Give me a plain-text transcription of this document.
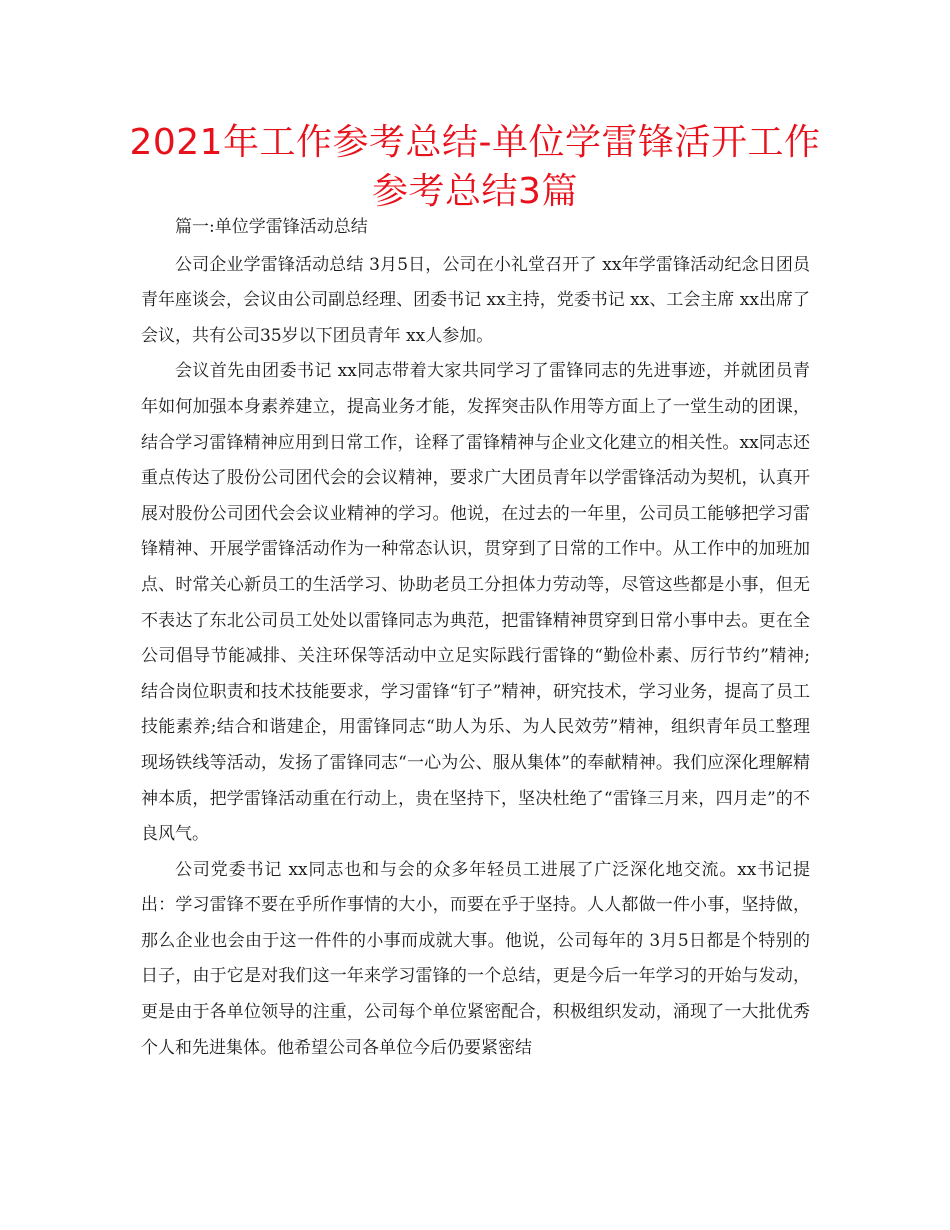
2021年工作参考总结-单位学雷锋活开工作参考总结3篇

篇一:单位学雷锋活动总结

公司企业学雷锋活动总结 3月5日，公司在小礼堂召开了 xx年学雷锋活动纪念日团员青年座谈会，会议由公司副总经理、团委书记 xx主持，党委书记 xx、工会主席 xx出席了会议，共有公司35岁以下团员青年 xx人参加。

会议首先由团委书记 xx同志带着大家共同学习了雷锋同志的先进事迹，并就团员青年如何加强本身素养建立，提高业务才能，发挥突击队作用等方面上了一堂生动的团课，结合学习雷锋精神应用到日常工作，诠释了雷锋精神与企业文化建立的相关性。xx同志还重点传达了股份公司团代会的会议精神，要求广大团员青年以学雷锋活动为契机，认真开展对股份公司团代会会议业精神的学习。他说，在过去的一年里，公司员工能够把学习雷锋精神、开展学雷锋活动作为一种常态认识，贯穿到了日常的工作中。从工作中的加班加点、时常关心新员工的生活学习、协助老员工分担体力劳动等，尽管这些都是小事，但无不表达了东北公司员工处处以雷锋同志为典范，把雷锋精神贯穿到日常小事中去。更在全公司倡导节能减排、关注环保等活动中立足实际践行雷锋的“勤俭朴素、厉行节约”精神;结合岗位职责和技术技能要求，学习雷锋“钉子”精神，研究技术，学习业务，提高了员工技能素养;结合和谐建企，用雷锋同志“助人为乐、为人民效劳”精神，组织青年员工整理现场铁线等活动，发扬了雷锋同志“一心为公、服从集体”的奉献精神。我们应深化理解精神本质，把学雷锋活动重在行动上，贵在坚持下，坚决杜绝了“雷锋三月来，四月走”的不良风气。

公司党委书记 xx同志也和与会的众多年轻员工进展了广泛深化地交流。xx书记提出：学习雷锋不要在乎所作事情的大小，而要在乎于坚持。人人都做一件小事，坚持做，那么企业也会由于这一件件的小事而成就大事。他说，公司每年的 3月5日都是个特别的日子，由于它是对我们这一年来学习雷锋的一个总结，更是今后一年学习的开始与发动，更是由于各单位领导的注重，公司每个单位紧密配合，积极组织发动，涌现了一大批优秀个人和先进集体。他希望公司各单位今后仍要紧密结
